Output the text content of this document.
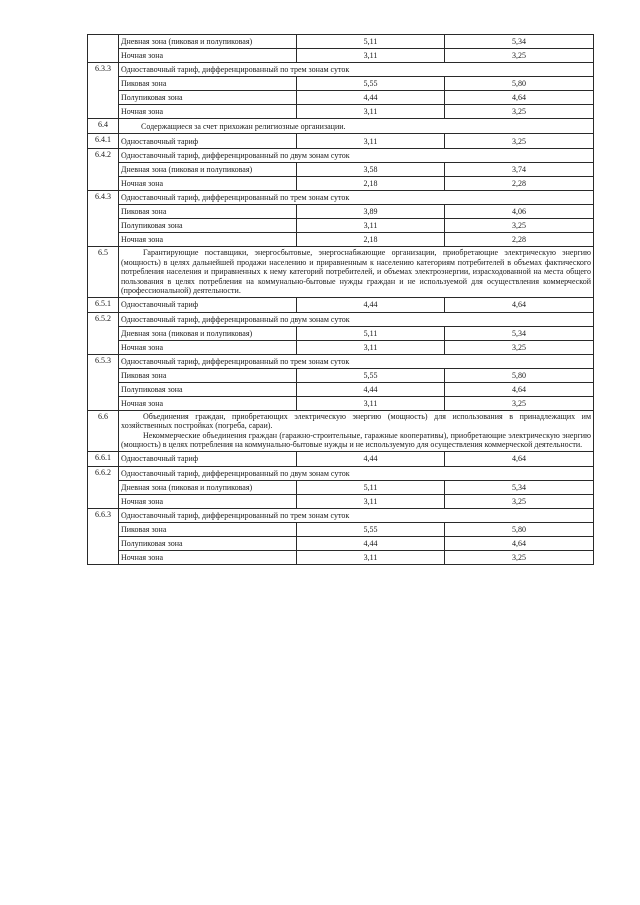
	Дневная зона (пиковая и полупиковая)	5,11	5,34
	Ночная зона	3,11	3,25
6.3.3	Одноставочный тариф, дифференцированный по трем зонам суток		
	Пиковая зона	5,55	5,80
	Полупиковая зона	4,44	4,64
	Ночная зона	3,11	3,25
6.4	Содержащиеся за счет прихожан религиозные организации.		
6.4.1	Одноставочный тариф	3,11	3,25
6.4.2	Одноставочный тариф, дифференцированный по двум зонам суток		
	Дневная зона (пиковая и полупиковая)	3,58	3,74
	Ночная зона	2,18	2,28
6.4.3	Одноставочный тариф, дифференцированный по трем зонам суток		
	Пиковая зона	3,89	4,06
	Полупиковая зона	3,11	3,25
	Ночная зона	2,18	2,28
6.5	Гарантирующие поставщики, энергосбытовые, энергоснабжающие организации, приобретающие электрическую энергию (мощность) в целях дальнейшей продажи населению и приравненным к населению категориям потребителей в объемах фактического потребления населения и приравненных к нему категорий потребителей, и объемах электроэнергии, израсходованной на места общего пользования в целях потребления на коммунально-бытовые нужды граждан и не используемой для осуществления коммерческой (профессиональной) деятельности.		

6.5.1	Одноставочный тариф	4,44	4,64
6.5.2	Одноставочный тариф, дифференцированный по двум зонам суток		
	Дневная зона (пиковая и полупиковая)	5,11	5,34
	Ночная зона	3,11	3,25
6.5.3	Одноставочный тариф, дифференцированный по трем зонам суток		
	Пиковая зона	5,55	5,80
	Полупиковая зона	4,44	4,64
	Ночная зона	3,11	3,25
6.6	Объединения граждан, приобретающих электрическую энергию (мощность) для использования в принадлежащих им хозяйственных постройках (погреба, сараи).

Некоммерческие объединения граждан (гаражно-строительные, гаражные кооперативы), приобретающие электрическую энергию (мощность) в целях потребления на коммунально-бытовые нужды и не используемую для осуществления коммерческой деятельности.		

6.6.1	Одноставочный тариф	4,44	4,64
6.6.2	Одноставочный тариф, дифференцированный по двум зонам суток		
	Дневная зона (пиковая и полупиковая)	5,11	5,34
	Ночная зона	3,11	3,25
6.6.3	Одноставочный тариф, дифференцированный по трем зонам суток		
	Пиковая зона	5,55	5,80
	Полупиковая зона	4,44	4,64
	Ночная зона	3,11	3,25
